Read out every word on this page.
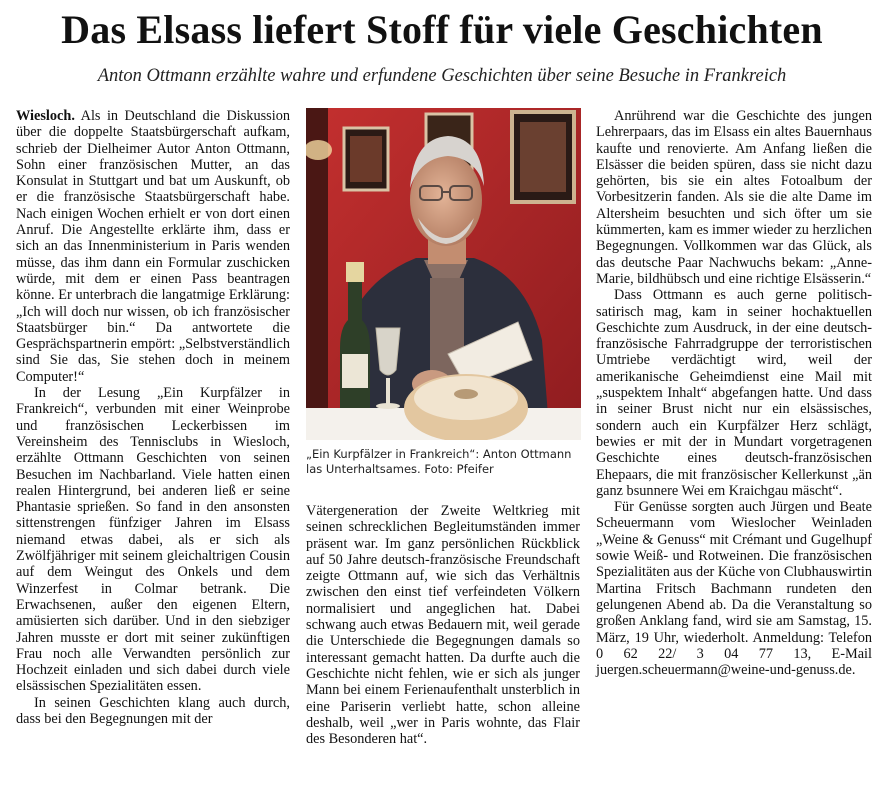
Das Elsass liefert Stoff für viele Geschichten
Anton Ottmann erzählte wahre und erfundene Geschichten über seine Besuche in Frankreich

Wiesloch. Als in Deutschland die Diskussion über die doppelte Staatsbürgerschaft aufkam, schrieb der Dielheimer Autor Anton Ottmann, Sohn einer französischen Mutter, an das Konsulat in Stuttgart und bat um Auskunft, ob er die französische Staatsbürgerschaft habe. Nach einigen Wochen erhielt er von dort einen Anruf. Die Angestellte erklärte ihm, dass er sich an das Innenministerium in Paris wenden müsse, das ihm dann ein Formular zuschicken würde, mit dem er einen Pass beantragen könne. Er unterbrach die langatmige Erklärung: „Ich will doch nur wissen, ob ich französischer Staatsbürger bin.“ Da antwortete die Gesprächspartnerin empört: „Selbstverständlich sind Sie das, Sie stehen doch in meinem Computer!“

In der Lesung „Ein Kurpfälzer in Frankreich“, verbunden mit einer Weinprobe und französischen Leckerbissen im Vereinsheim des Tennisclubs in Wiesloch, erzählte Ottmann Geschichten von seinen Besuchen im Nachbarland. Viele hatten einen realen Hintergrund, bei anderen ließ er seine Phantasie sprießen. So fand in den ansonsten sittenstrengen fünfziger Jahren im Elsass niemand etwas dabei, als er sich als Zwölfjähriger mit seinem gleichaltrigen Cousin auf dem Weingut des Onkels und dem Winzerfest in Colmar betrank. Die Erwachsenen, außer den eigenen Eltern, amüsierten sich darüber. Und in den siebziger Jahren musste er dort mit seiner zukünftigen Frau noch alle Verwandten persönlich zur Hochzeit einladen und sich dabei durch viele elsässischen Spezialitäten essen.

In seinen Geschichten klang auch durch, dass bei den Begegnungen mit der

„Ein Kurpfälzer in Frankreich“: Anton Ottmann las Unterhaltsames. Foto: Pfeifer

Vätergeneration der Zweite Weltkrieg mit seinen schrecklichen Begleitumständen immer präsent war. Im ganz persönlichen Rückblick auf 50 Jahre deutsch-französische Freundschaft zeigte Ottmann auf, wie sich das Verhältnis zwischen den einst tief verfeindeten Völkern normalisiert und angeglichen hat. Dabei schwang auch etwas Bedauern mit, weil gerade die Unterschiede die Begegnungen damals so interessant gemacht hatten. Da durfte auch die Geschichte nicht fehlen, wie er sich als junger Mann bei einem Ferienaufenthalt unsterblich in eine Pariserin verliebt hatte, schon alleine deshalb, weil „wer in Paris wohnte, das Flair des Besonderen hat“.

Anrührend war die Geschichte des jungen Lehrerpaars, das im Elsass ein altes Bauernhaus kaufte und renovierte. Am Anfang ließen die Elsässer die beiden spüren, dass sie nicht dazu gehörten, bis sie ein altes Fotoalbum der Vorbesitzerin fanden. Als sie die alte Dame im Altersheim besuchten und sich öfter um sie kümmerten, kam es immer wieder zu herzlichen Begegnungen. Vollkommen war das Glück, als das deutsche Paar Nachwuchs bekam: „Anne-Marie, bildhübsch und eine richtige Elsässerin.“

Dass Ottmann es auch gerne politisch-satirisch mag, kam in seiner hochaktuellen Geschichte zum Ausdruck, in der eine deutsch-französische Fahrradgruppe der terroristischen Umtriebe verdächtigt wird, weil der amerikanische Geheimdienst eine Mail mit „suspektem Inhalt“ abgefangen hatte. Und dass in seiner Brust nicht nur ein elsässisches, sondern auch ein Kurpfälzer Herz schlägt, bewies er mit der in Mundart vorgetragenen Geschichte eines deutsch-französischen Ehepaars, die mit französischer Kellerkunst „än ganz bsunnere Wei em Kraichgau mäscht“.

Für Genüsse sorgten auch Jürgen und Beate Scheuermann vom Wieslocher Weinladen „Weine & Genuss“ mit Crémant und Gugelhupf sowie Weiß- und Rotweinen. Die französischen Spezialitäten aus der Küche von Clubhauswirtin Martina Fritsch Bachmann rundeten den gelungenen Abend ab. Da die Veranstaltung so großen Anklang fand, wird sie am Samstag, 15. März, 19 Uhr, wiederholt. Anmeldung: Telefon 0 62 22/ 3 04 77 13, E-Mail juergen.scheuermann@weine-und-genuss.de.
